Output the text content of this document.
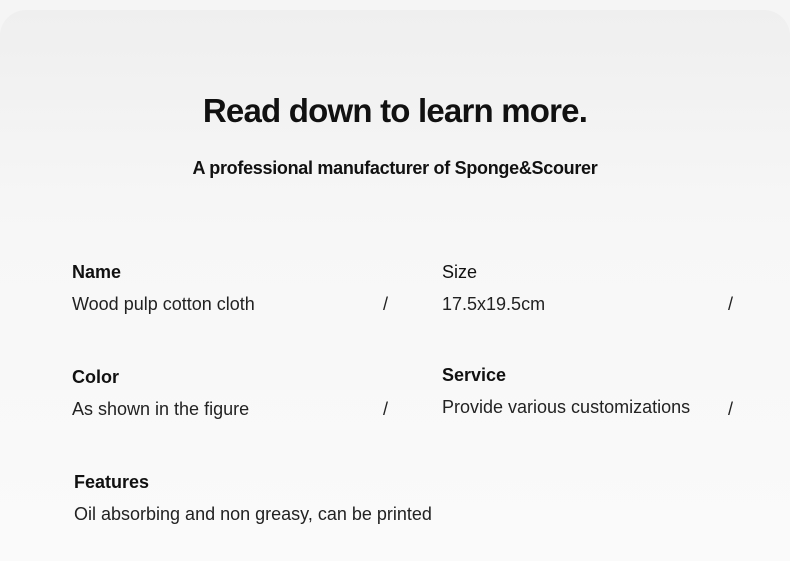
Read down to learn more.

A professional manufacturer of Sponge&Scourer

Name

Wood pulp cotton cloth	/

Size

17.5x19.5cm	/

Color

As shown in the figure	/

Service

Provide various customizations /

Features

Oil absorbing and non greasy, can be printed
